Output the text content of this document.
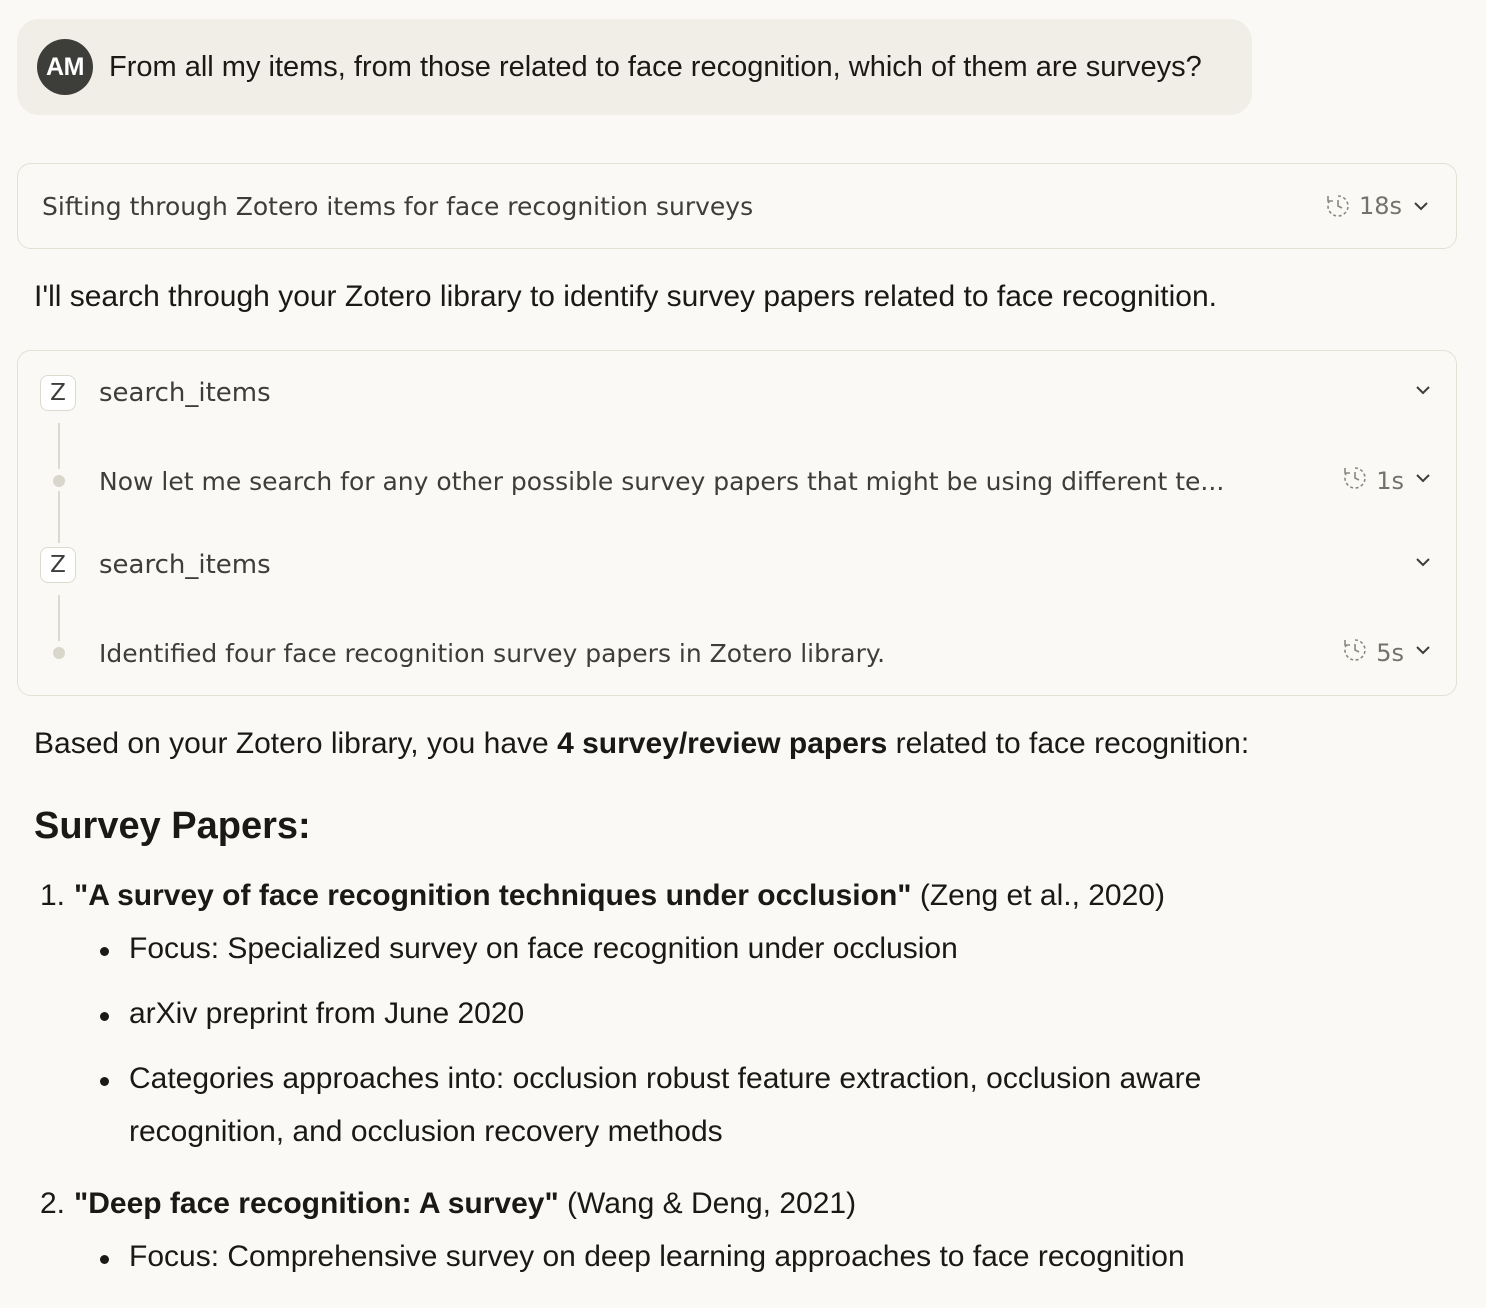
AM From all my items, from those related to face recognition, which of them are surveys?
Sifting through Zotero items for face recognition surveys	18s
I'll search through your Zotero library to identify survey papers related to face recognition.
Z	search_items
Now let me search for any other possible survey papers that might be using different te...	1s
Z	search_items
Identified four face recognition survey papers in Zotero library.	5s
Based on your Zotero library, you have 4 survey/review papers related to face recognition:
Survey Papers:
1. "A survey of face recognition techniques under occlusion" (Zeng et al., 2020)
Focus: Specialized survey on face recognition under occlusion
arXiv preprint from June 2020
Categories approaches into: occlusion robust feature extraction, occlusion aware
recognition, and occlusion recovery methods
2. "Deep face recognition: A survey" (Wang & Deng, 2021)
Focus: Comprehensive survey on deep learning approaches to face recognition
